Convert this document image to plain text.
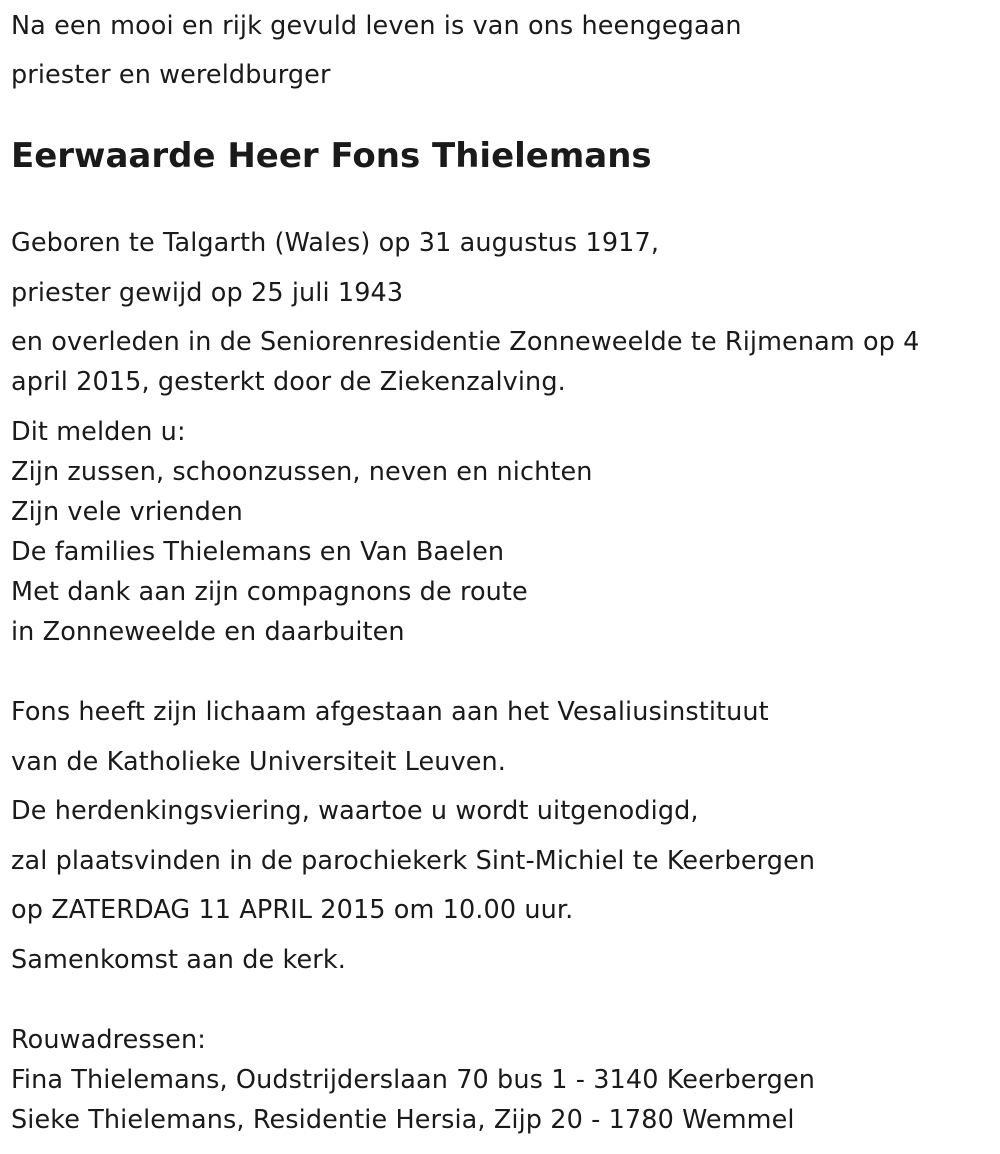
Na een mooi en rijk gevuld leven is van ons heengegaan
priester en wereldburger
Eerwaarde Heer Fons Thielemans
Geboren te Talgarth (Wales) op 31 augustus 1917,
priester gewijd op 25 juli 1943
en overleden in de Seniorenresidentie Zonneweelde te Rijmenam op 4
april 2015, gesterkt door de Ziekenzalving.
Dit melden u:
Zijn zussen, schoonzussen, neven en nichten
Zijn vele vrienden
De families Thielemans en Van Baelen
Met dank aan zijn compagnons de route
in Zonneweelde en daarbuiten
Fons heeft zijn lichaam afgestaan aan het Vesaliusinstituut
van de Katholieke Universiteit Leuven.
De herdenkingsviering, waartoe u wordt uitgenodigd,
zal plaatsvinden in de parochiekerk Sint-Michiel te Keerbergen
op ZATERDAG 11 APRIL 2015 om 10.00 uur.
Samenkomst aan de kerk.
Rouwadressen:
Fina Thielemans, Oudstrijderslaan 70 bus 1 - 3140 Keerbergen
Sieke Thielemans, Residentie Hersia, Zijp 20 - 1780 Wemmel
